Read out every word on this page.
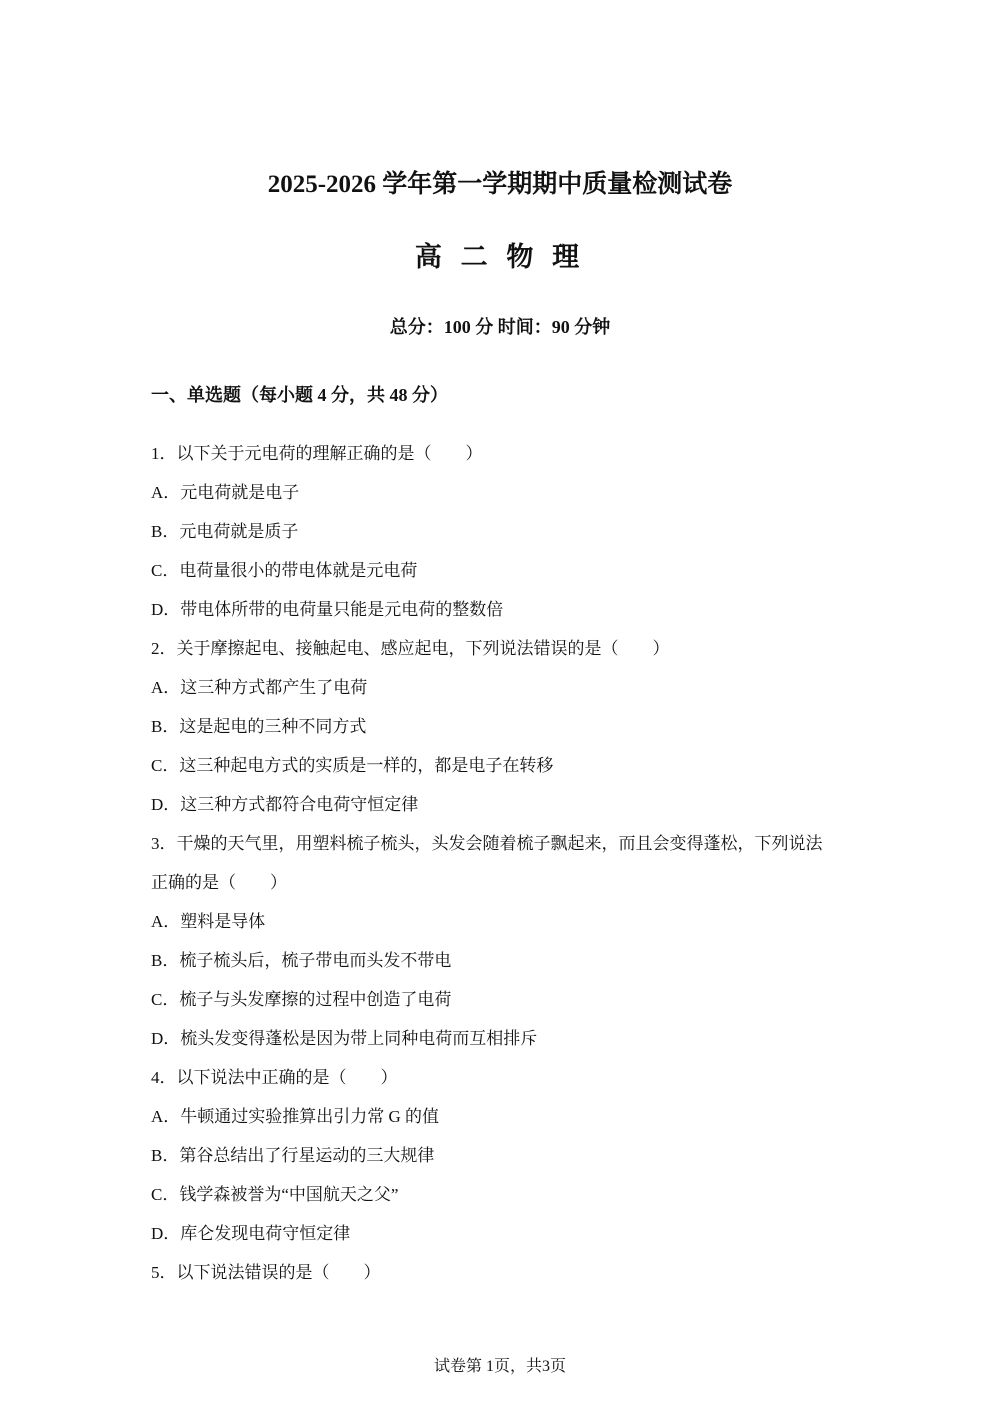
2025-2026 学年第一学期期中质量检测试卷
高 二 物 理
总分：100 分 时间：90 分钟
一、单选题（每小题 4 分，共 48 分）
1．以下关于元电荷的理解正确的是（　　）
A．元电荷就是电子
B．元电荷就是质子
C．电荷量很小的带电体就是元电荷
D．带电体所带的电荷量只能是元电荷的整数倍
2．关于摩擦起电、接触起电、感应起电，下列说法错误的是（　　）
A．这三种方式都产生了电荷
B．这是起电的三种不同方式
C．这三种起电方式的实质是一样的，都是电子在转移
D．这三种方式都符合电荷守恒定律
3．干燥的天气里，用塑料梳子梳头，头发会随着梳子飘起来，而且会变得蓬松，下列说法
正确的是（　　）
A．塑料是导体
B．梳子梳头后，梳子带电而头发不带电
C．梳子与头发摩擦的过程中创造了电荷
D．梳头发变得蓬松是因为带上同种电荷而互相排斥
4．以下说法中正确的是（　　）
A．牛顿通过实验推算出引力常 G 的值
B．第谷总结出了行星运动的三大规律
C．钱学森被誉为“中国航天之父”
D．库仑发现电荷守恒定律
5．以下说法错误的是（　　）
试卷第 1页，共3页
